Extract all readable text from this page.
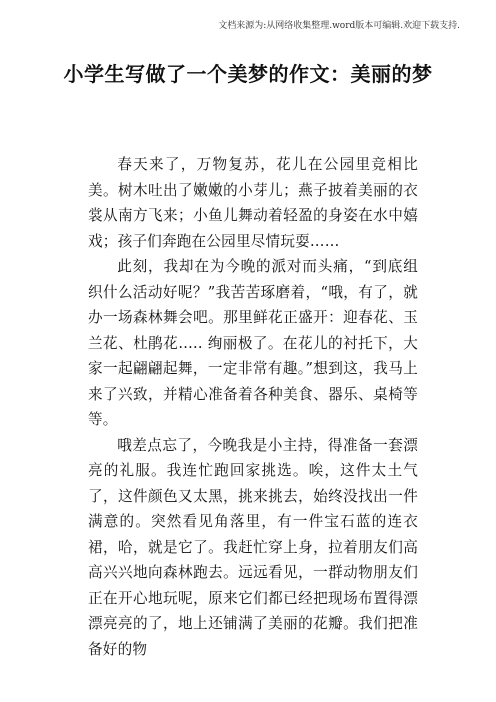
文档来源为:从网络收集整理.word版本可编辑.欢迎下载支持.
小学生写做了一个美梦的作文：美丽的梦

春天来了，万物复苏，花儿在公园里竞相比美。树木吐出了嫩嫩的小芽儿；燕子披着美丽的衣裳从南方飞来；小鱼儿舞动着轻盈的身姿在水中嬉戏；孩子们奔跑在公园里尽情玩耍……

此刻，我却在为今晚的派对而头痛，“到底组织什么活动好呢？”我苦苦琢磨着，“哦，有了，就办一场森林舞会吧。那里鲜花正盛开：迎春花、玉兰花、杜鹃花….. 绚丽极了。在花儿的衬托下，大家一起翩翩起舞，一定非常有趣。”想到这，我马上来了兴致，并精心准备着各种美食、器乐、桌椅等等。

哦差点忘了，今晚我是小主持，得准备一套漂亮的礼服。我连忙跑回家挑选。唉，这件太土气了，这件颜色又太黑，挑来挑去，始终没找出一件满意的。突然看见角落里，有一件宝石蓝的连衣裙，哈，就是它了。我赶忙穿上身，拉着朋友们高高兴兴地向森林跑去。远远看见，一群动物朋友们正在开心地玩呢，原来它们都已经把现场布置得漂漂亮亮的了，地上还铺满了美丽的花瓣。我们把准备好的物
